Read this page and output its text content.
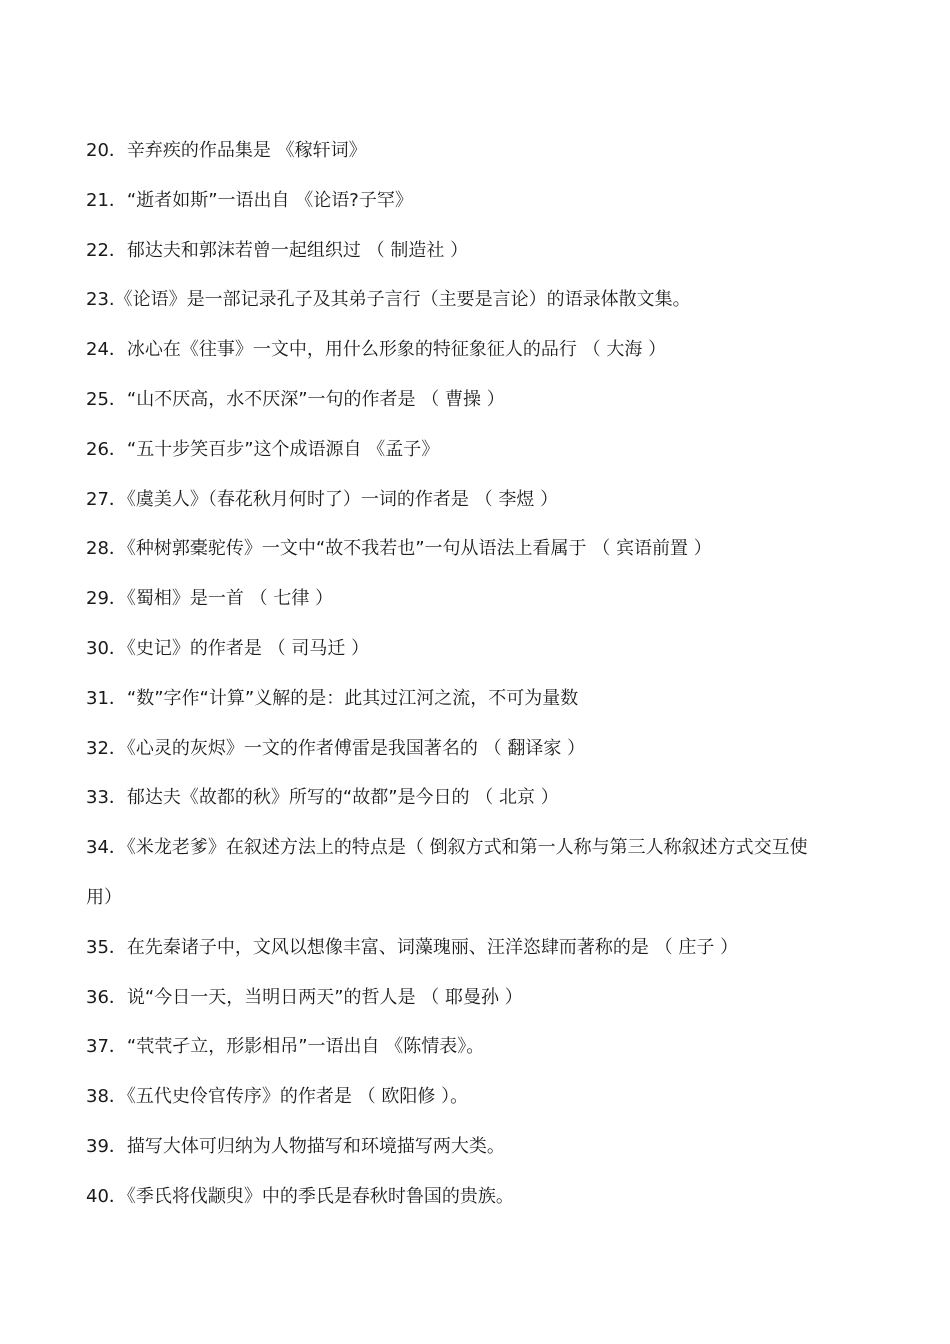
20．辛弃疾的作品集是 《稼轩词》
21．“逝者如斯”一语出自 《论语?子罕》
22．郁达夫和郭沫若曾一起组织过 （ 制造社 ）
23.《论语》是一部记录孔子及其弟子言行（主要是言论）的语录体散文集。
24．冰心在《往事》一文中，用什么形象的特征象征人的品行 （ 大海 ）
25．“山不厌高，水不厌深”一句的作者是 （ 曹操 ）
26．“五十步笑百步”这个成语源自 《孟子》
27．《虞美人》（春花秋月何时了）一词的作者是 （ 李煜 ）
28．《种树郭橐驼传》一文中“故不我若也”一句从语法上看属于 （ 宾语前置 ）
29．《蜀相》是一首 （ 七律 ）
30．《史记》的作者是 （ 司马迁 ）
31．“数”字作“计算”义解的是：此其过江河之流，不可为量数
32．《心灵的灰烬》一文的作者傅雷是我国著名的 （ 翻译家 ）
33．郁达夫《故都的秋》所写的“故都”是今日的 （ 北京 ）
34．《米龙老爹》在叙述方法上的特点是（ 倒叙方式和第一人称与第三人称叙述方式交互使
用）
35．在先秦诸子中，文风以想像丰富、词藻瑰丽、汪洋恣肆而著称的是 （ 庄子 ）
36．说“今日一天，当明日两天”的哲人是 （ 耶曼孙 ）
37．“茕茕孑立，形影相吊”一语出自 《陈情表》。
38．《五代史伶官传序》的作者是 （ 欧阳修 ）。
39．描写大体可归纳为人物描写和环境描写两大类。
40．《季氏将伐颛臾》中的季氏是春秋时鲁国的贵族。
